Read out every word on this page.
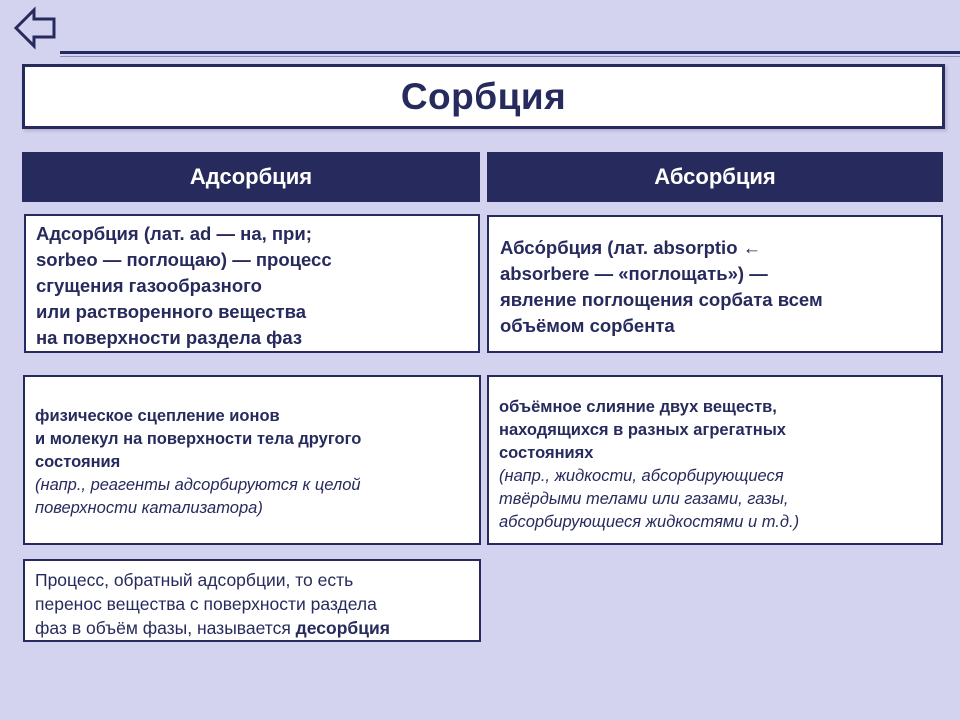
Сорбция
Адсорбция	Абсорбция
Адсорбция (лат. ad — на, при;
sorbeo — поглощаю) — процесс
сгущения газообразного
или растворенного вещества
на поверхности раздела фаз
Абсо́рбция (лат. absorptio ←
absorbere — «поглощать») —
явление поглощения сорбата всем
объёмом сорбента
физическое сцепление ионов
и молекул на поверхности тела другого
состояния
(напр., реагенты адсорбируются к целой
поверхности катализатора)
объёмное слияние двух веществ,
находящихся в разных агрегатных
состояниях
(напр., жидкости, абсорбирующиеся
твёрдыми телами или газами, газы,
абсорбирующиеся жидкостями и т.д.)
Процесс, обратный адсорбции, то есть
перенос вещества с поверхности раздела
фаз в объём фазы, называется десорбция
